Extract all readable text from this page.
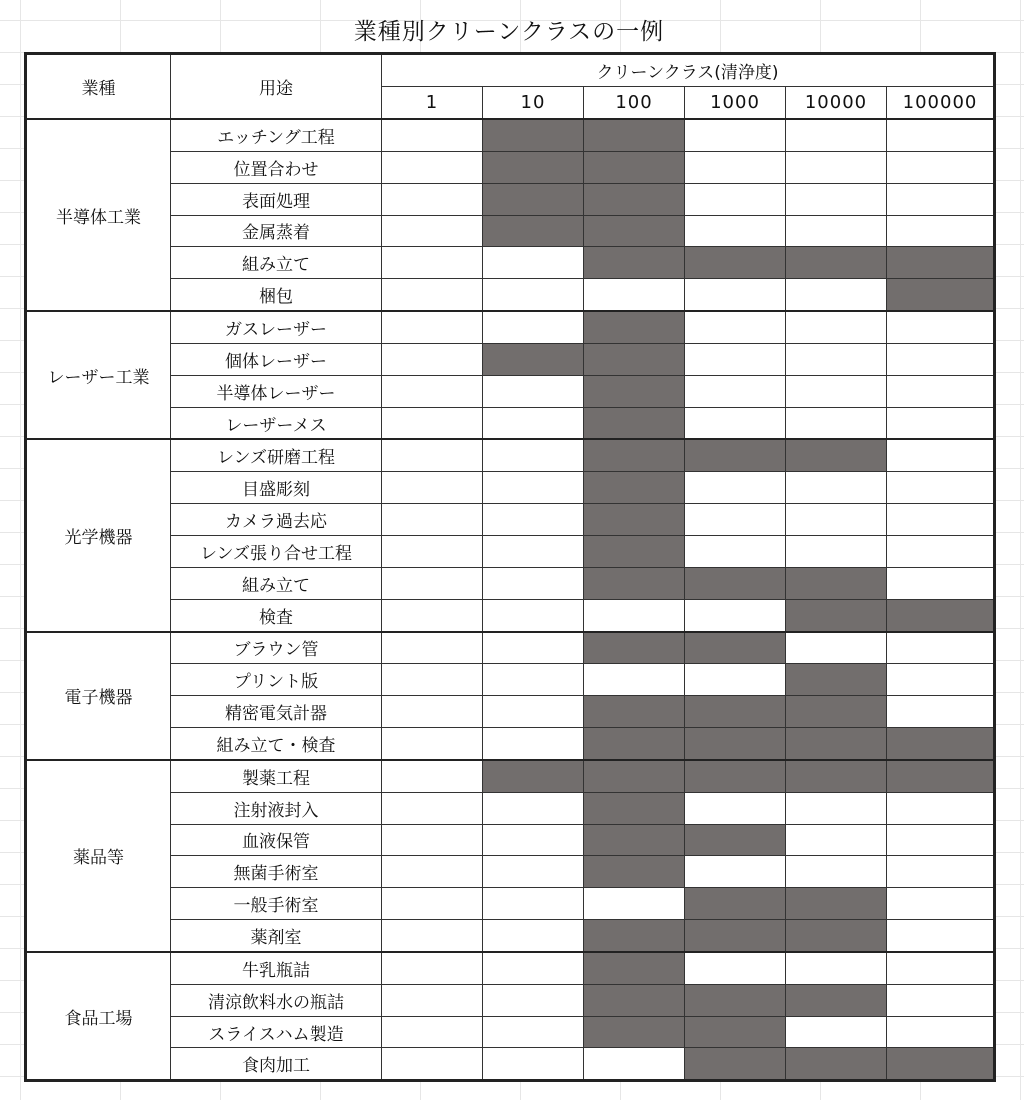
業種別クリーンクラスの一例
業種	用途	クリーンクラス(清浄度)					
		1	10	100	1000	10000	100000
半導体工業	エッチング工程						
	位置合わせ						
	表面処理						
	金属蒸着						
	組み立て						
	梱包						
レーザー工業	ガスレーザー						
	個体レーザー						
	半導体レーザー						
	レーザーメス						
光学機器	レンズ研磨工程						
	目盛彫刻						
	カメラ過去応						
	レンズ張り合せ工程						
	組み立て						
	検査						
電子機器	ブラウン管						
	プリント版						
	精密電気計器						
	組み立て・検査						
薬品等	製薬工程						
	注射液封入						
	血液保管						
	無菌手術室						
	一般手術室						
	薬剤室						
食品工場	牛乳瓶詰						
	清涼飲料水の瓶詰						
	スライスハム製造						
	食肉加工						
